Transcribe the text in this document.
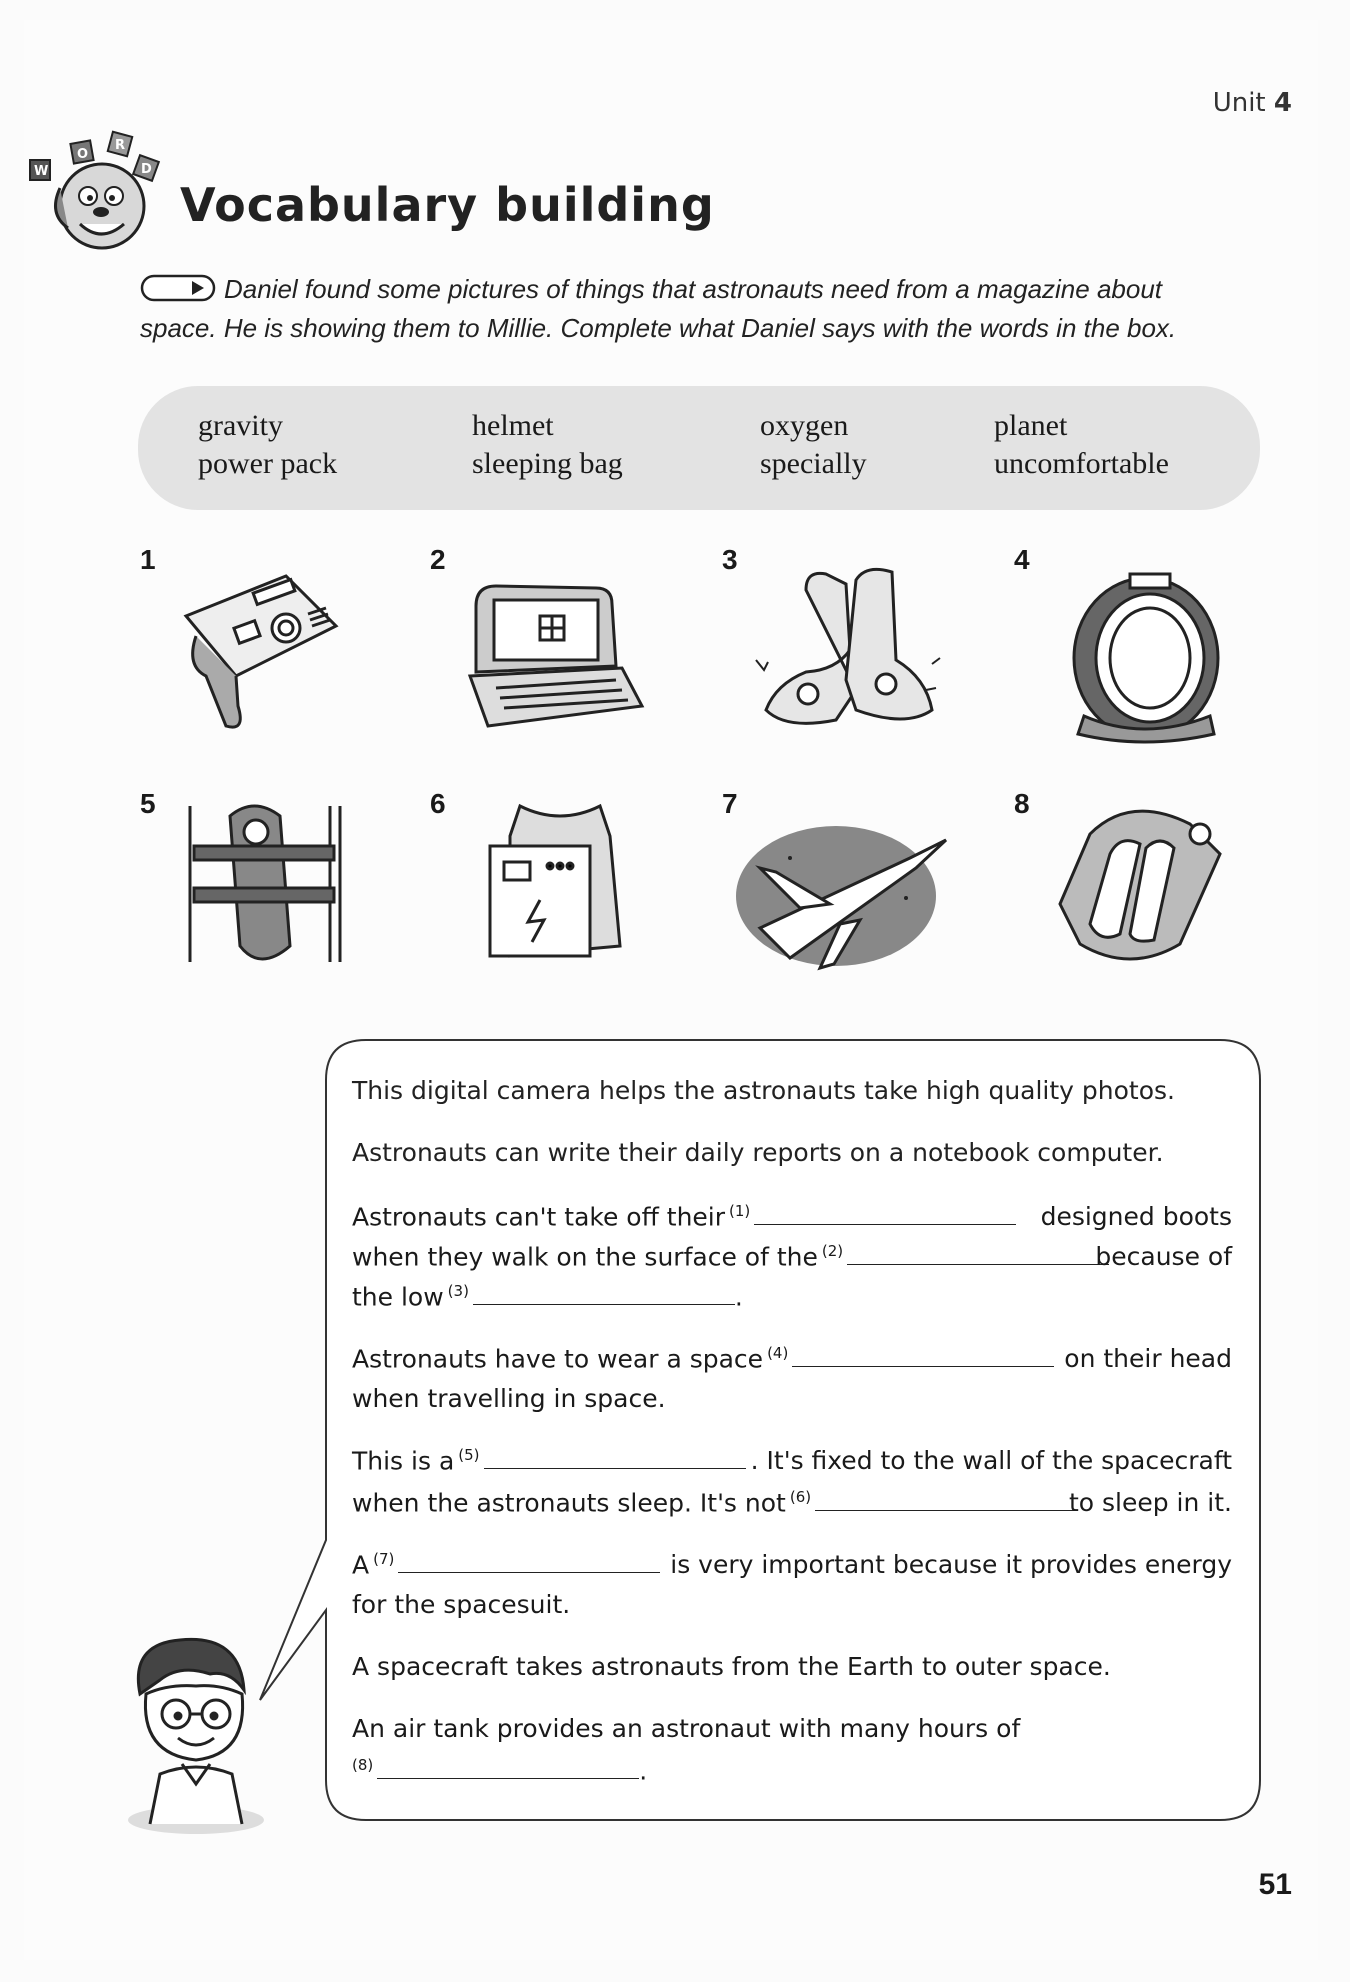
Unit 4
W
O
R
D
Vocabulary building
Daniel found some pictures of things that astronauts need from a magazine about
space. He is showing them to Millie. Complete what Daniel says with the words in the box.
gravity	helmet	oxygen	planet
power pack	sleeping bag	specially	uncomfortable
1	2	3	4
5	6	7	8
This digital camera helps the astronauts take high quality photos.
Astronauts can write their daily reports on a notebook computer.
Astronauts can't take off their $^{(1)}$	designed boots
when they walk on the surface of the $^{(2)}$	because of
the low $^{(3)}$	.
Astronauts have to wear a space $^{(4)}$	on their head
when travelling in space.
This is a $^{(5)}$	. It's fixed to the wall of the spacecraft
when the astronauts sleep. It's not $^{(6)}$	to sleep in it.
A $^{(7)}$	is very important because it provides energy
for the spacesuit.
A spacecraft takes astronauts from the Earth to outer space.
An air tank provides an astronaut with many hours of
$^{(8)}$	.
51
